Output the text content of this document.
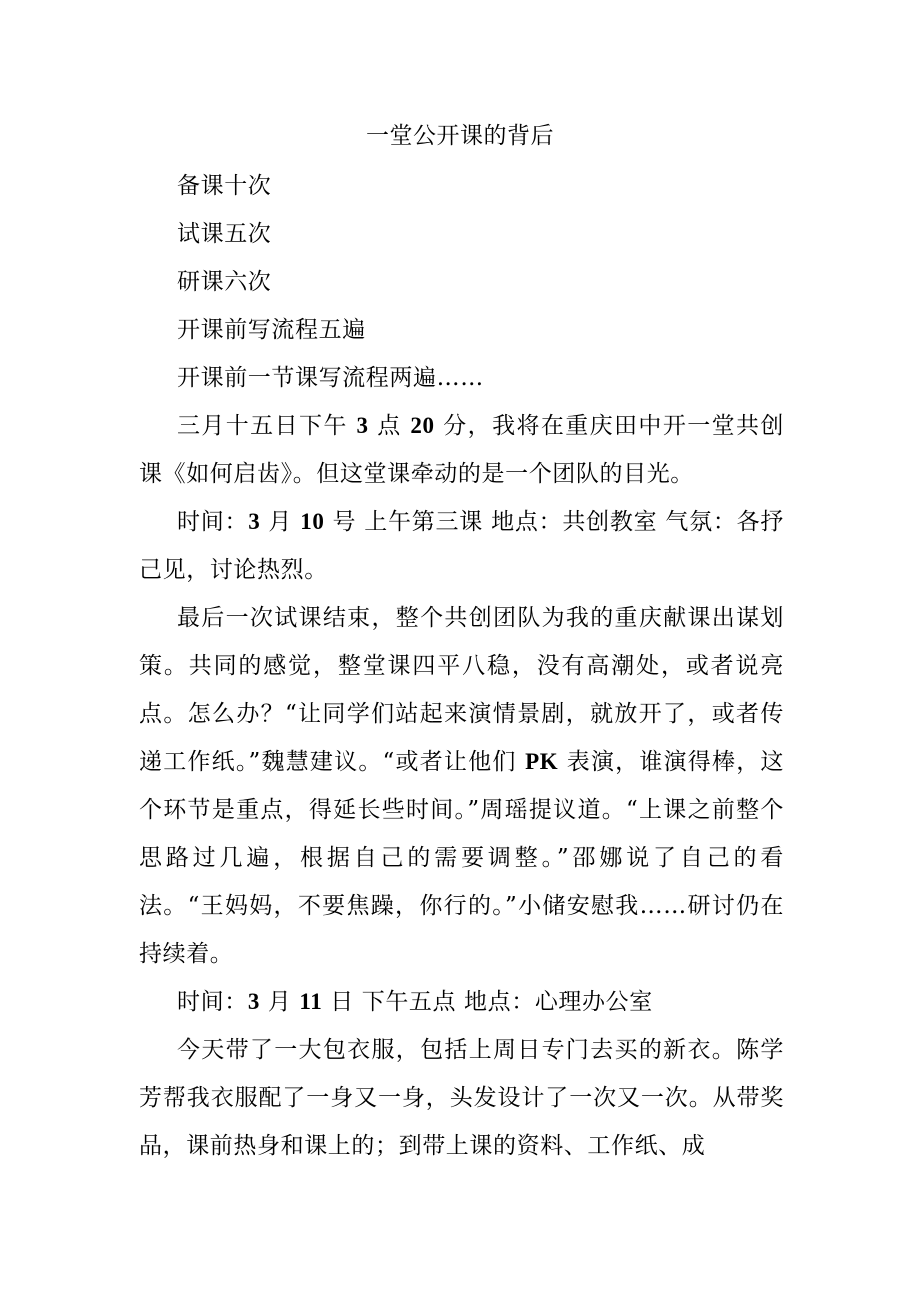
一堂公开课的背后

备课十次

试课五次

研课六次

开课前写流程五遍

开课前一节课写流程两遍……

三月十五日下午 3 点 20 分，我将在重庆田中开一堂共创课《如何启齿》。但这堂课牵动的是一个团队的目光。

时间：3 月 10 号 上午第三课 地点：共创教室 气氛：各抒己见，讨论热烈。

最后一次试课结束，整个共创团队为我的重庆献课出谋划策。共同的感觉，整堂课四平八稳，没有高潮处，或者说亮点。怎么办？“让同学们站起来演情景剧，就放开了，或者传递工作纸。”魏慧建议。“或者让他们 PK 表演，谁演得棒，这个环节是重点，得延长些时间。”周瑶提议道。“上课之前整个思路过几遍，根据自己的需要调整。”邵娜说了自己的看法。“王妈妈，不要焦躁，你行的。”小储安慰我……研讨仍在持续着。

时间：3 月 11 日 下午五点 地点：心理办公室

今天带了一大包衣服，包括上周日专门去买的新衣。陈学芳帮我衣服配了一身又一身，头发设计了一次又一次。从带奖品，课前热身和课上的；到带上课的资料、工作纸、成
